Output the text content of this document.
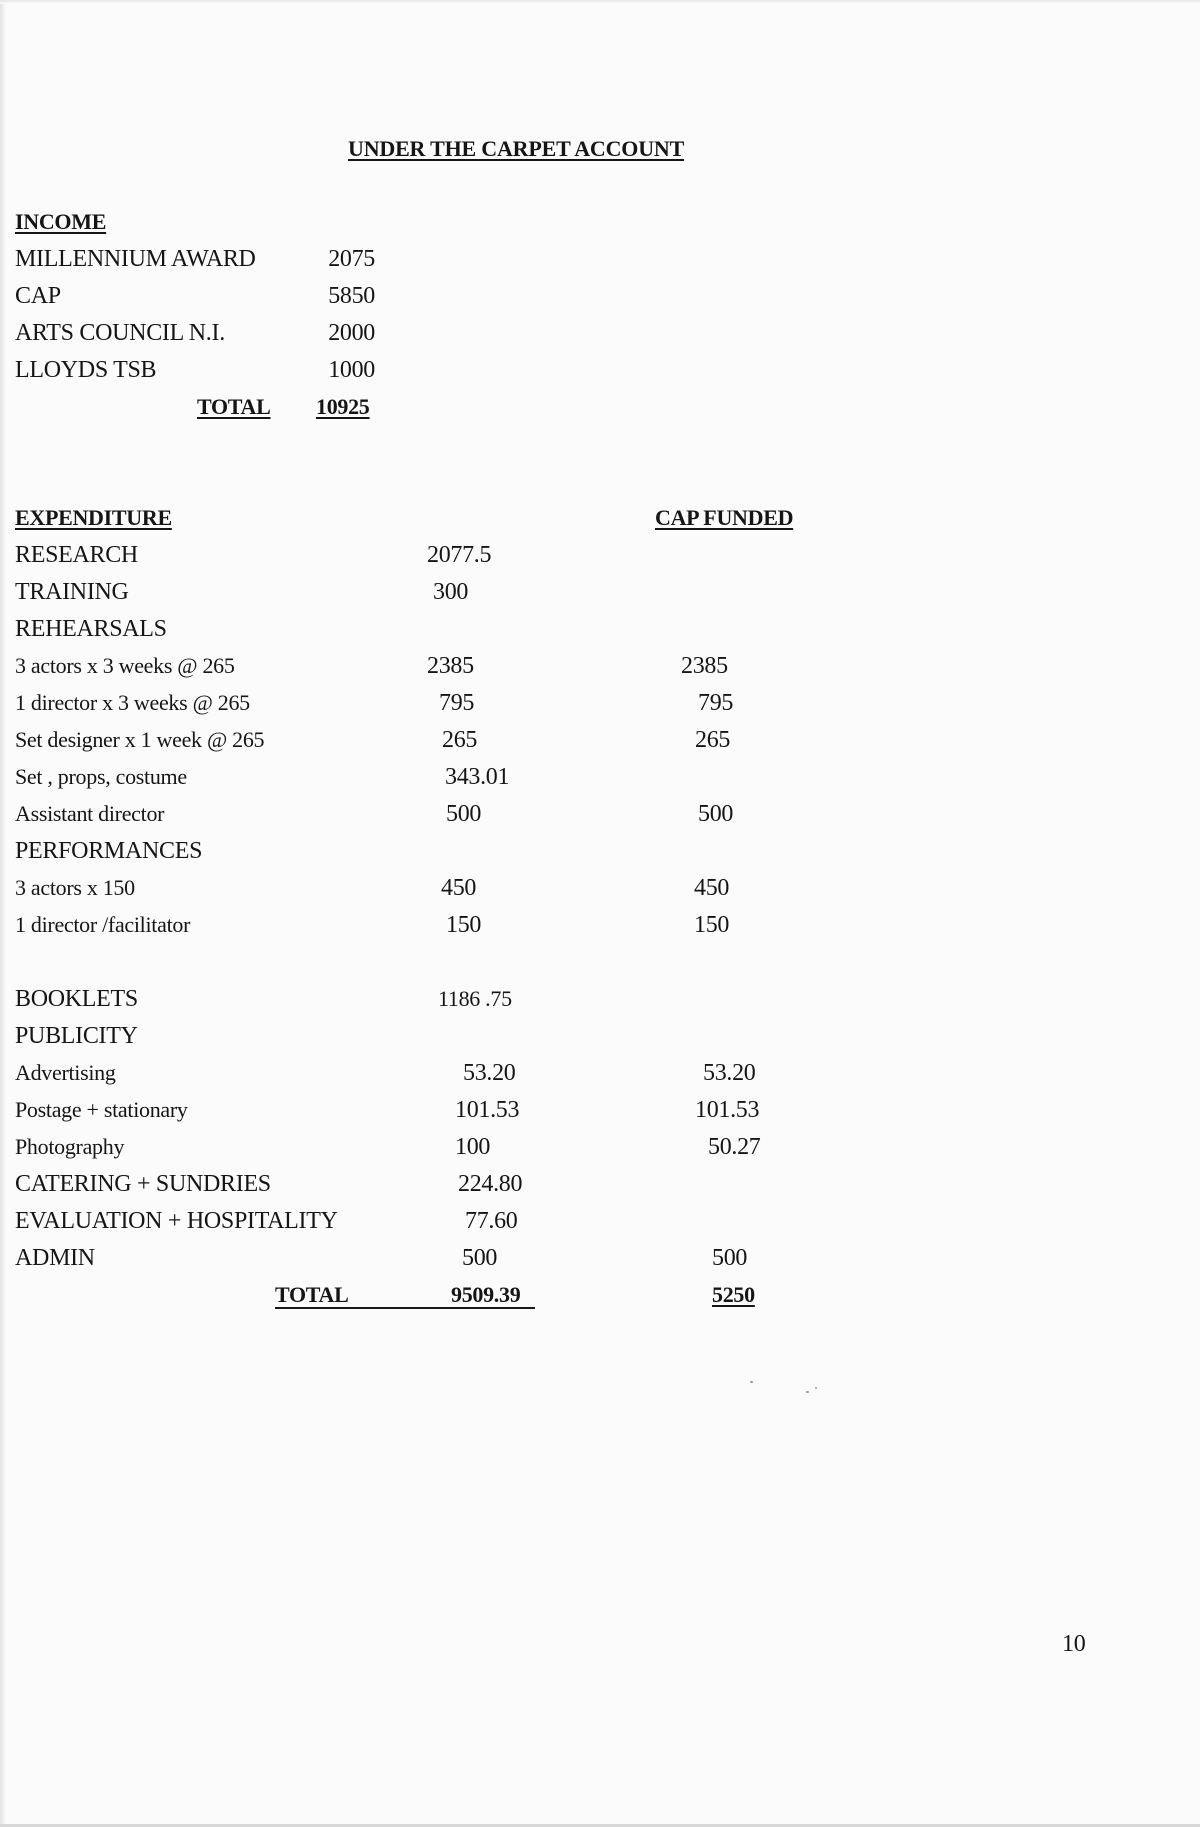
UNDER THE CARPET ACCOUNT
INCOME
MILLENNIUM AWARD	2075
CAP	5850
ARTS COUNCIL N.I.	2000
LLOYDS TSB	1000
TOTAL 10925
EXPENDITURE	CAP FUNDED
RESEARCH	2077.5
TRAINING	300
REHEARSALS
3 actors x 3 weeks @ 265	2385	2385
1 director x 3 weeks @ 265	795	795
Set designer x 1 week @ 265	265	265
Set , props, costume	343.01
Assistant director	500	500
PERFORMANCES
3 actors x 150	450	450
1 director /facilitator	150	150
BOOKLETS	1186 .75
PUBLICITY
Advertising	53.20	53.20
Postage + stationary	101.53	101.53
Photography	100	50.27
CATERING + SUNDRIES	224.80
EVALUATION + HOSPITALITY	77.60
ADMIN	500	500
TOTAL	9509.39	5250
10
